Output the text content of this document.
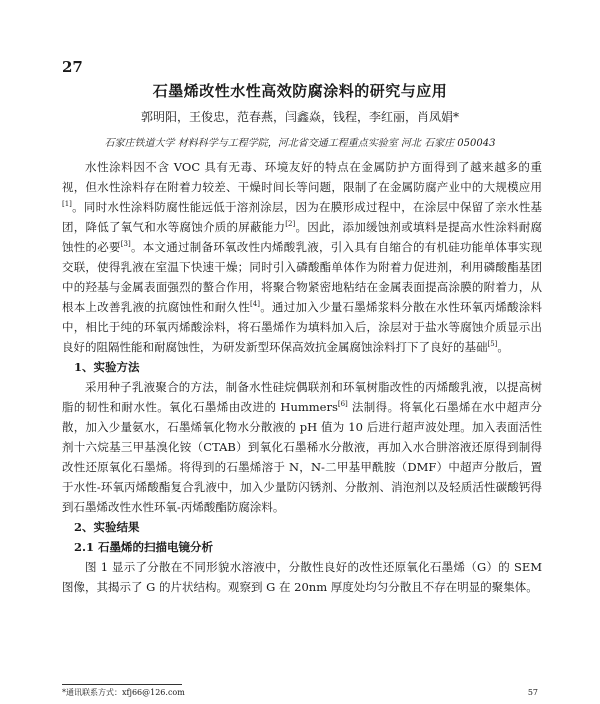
27
石墨烯改性水性高效防腐涂料的研究与应用
郭明阳，王俊忠，范春燕，闫鑫焱，钱程，李红丽，肖凤娟*
石家庄铁道大学 材料科学与工程学院，河北省交通工程重点实验室 河北 石家庄 050043

水性涂料因不含 VOC 具有无毒、环境友好的特点在金属防护方面得到了越来越多的重视，但水性涂料存在附着力较差、干燥时间长等问题，限制了在金属防腐产业中的大规模应用[1]。同时水性涂料防腐性能远低于溶剂涂层，因为在膜形成过程中，在涂层中保留了亲水性基团，降低了氧气和水等腐蚀介质的屏蔽能力[2]。因此，添加缓蚀剂或填料是提高水性涂料耐腐蚀性的必要[3]。本文通过制备环氧改性内烯酸乳液，引入具有自缩合的有机硅功能单体事实现交联，使得乳液在室温下快速干燥；同时引入磷酸酯单体作为附着力促进剂，利用磷酸酯基团中的羟基与金属表面强烈的螯合作用，将聚合物紧密地粘结在金属表面提高涂膜的附着力，从根本上改善乳液的抗腐蚀性和耐久性[4]。通过加入少量石墨烯浆料分散在水性环氧丙烯酸涂料中，相比于纯的环氧丙烯酸涂料，将石墨烯作为填料加入后，涂层对于盐水等腐蚀介质显示出良好的阻隔性能和耐腐蚀性，为研发新型环保高效抗金属腐蚀涂料打下了良好的基础[5]。

1、实验方法

采用种子乳液聚合的方法，制备水性硅烷偶联剂和环氧树脂改性的丙烯酸乳液，以提高树脂的韧性和耐水性。氧化石墨烯由改进的 Hummers[6] 法制得。将氧化石墨烯在水中超声分散，加入少量氨水，石墨烯氧化物水分散液的 pH 值为 10 后进行超声波处理。加入表面活性剂十六烷基三甲基溴化铵（CTAB）到氧化石墨稀水分散液，再加入水合肼溶液还原得到制得改性还原氧化石墨烯。将得到的石墨烯溶于 N，N-二甲基甲酰胺（DMF）中超声分散后，置于水性-环氧丙烯酸酯复合乳液中，加入少量防闪锈剂、分散剂、消泡剂以及轻质活性碳酸钙得到石墨烯改性水性环氧-丙烯酸酯防腐涂料。

2、实验结果

2.1 石墨烯的扫描电镜分析

图 1 显示了分散在不同形貌水溶液中，分散性良好的改性还原氧化石墨烯（G）的 SEM 图像，其揭示了 G 的片状结构。观察到 G 在 20nm 厚度处均匀分散且不存在明显的聚集体。

*通讯联系方式：xfj66@126.com	57
